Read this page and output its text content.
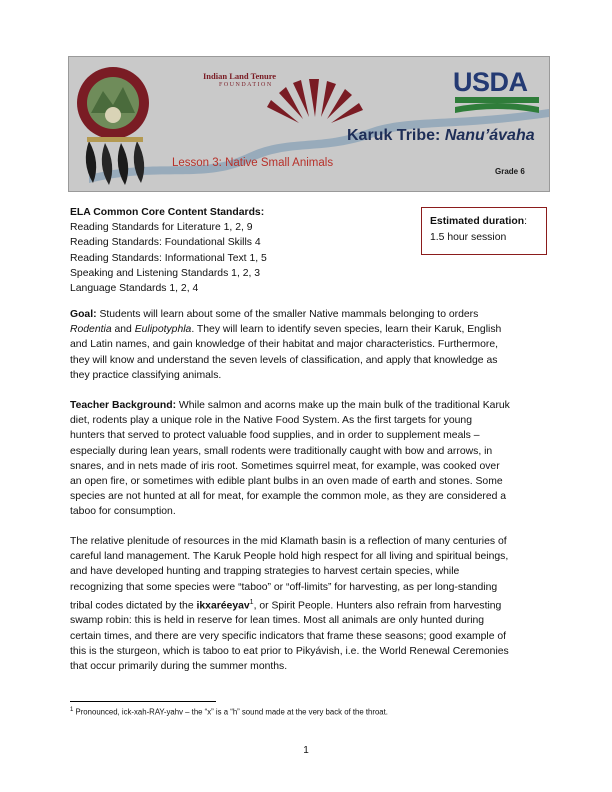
Indian Land Tenure
FOUNDATION	USDA
Karuk Tribe: Nanu’ávaha
Lesson 3: Native Small Animals
Grade 6
ELA Common Core Content Standards:
Reading Standards for Literature 1, 2, 9
Reading Standards: Foundational Skills 4
Reading Standards: Informational Text 1, 5
Speaking and Listening Standards 1, 2, 3
Language Standards 1, 2, 4
Estimated duration:
1.5 hour session
Goal: Students will learn about some of the smaller Native mammals belonging to orders
Rodentia and Eulipotyphla. They will learn to identify seven species, learn their Karuk, English
and Latin names, and gain knowledge of their habitat and major characteristics. Furthermore,
they will know and understand the seven levels of classification, and apply that knowledge as
they practice classifying animals.
Teacher Background: While salmon and acorns make up the main bulk of the traditional Karuk
diet, rodents play a unique role in the Native Food System. As the first targets for young
hunters that served to protect valuable food supplies, and in order to supplement meals –
especially during lean years, small rodents were traditionally caught with bow and arrows, in
snares, and in nets made of iris root. Sometimes squirrel meat, for example, was cooked over
an open fire, or sometimes with edible plant bulbs in an oven made of earth and stones. Some
species are not hunted at all for meat, for example the common mole, as they are considered a
taboo for consumption.
The relative plenitude of resources in the mid Klamath basin is a reflection of many centuries of
careful land management. The Karuk People hold high respect for all living and spiritual beings,
and have developed hunting and trapping strategies to harvest certain species, while
recognizing that some species were “taboo” or “off-limits” for harvesting, as per long-standing
tribal codes dictated by the ikxaréeyav$^1$, or Spirit People. Hunters also refrain from harvesting
swamp robin: this is held in reserve for lean times. Most all animals are only hunted during
certain times, and there are very specific indicators that frame these seasons; good example of
this is the sturgeon, which is taboo to eat prior to Pikyávish, i.e. the World Renewal Ceremonies
that occur primarily during the summer months.
$^1$ Pronounced, ick-xah-RAY-yahv – the “x” is a “h” sound made at the very back of the throat.
1
